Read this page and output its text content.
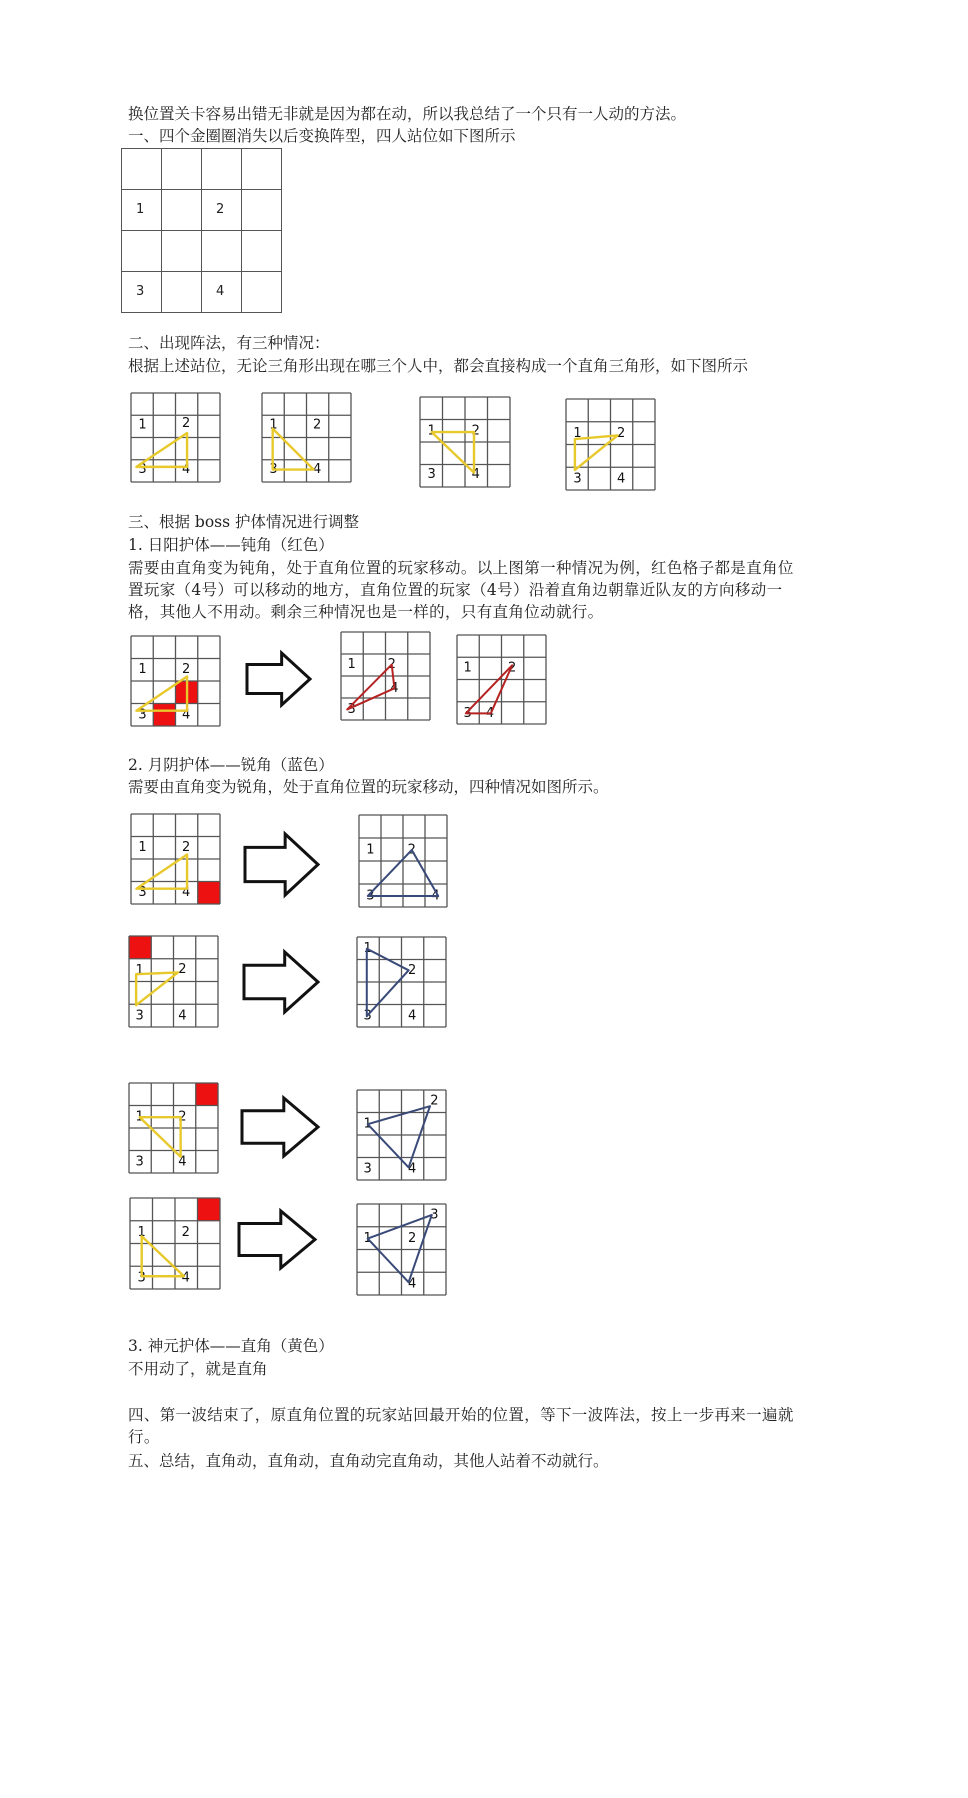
换位置关卡容易出错无非就是因为都在动，所以我总结了一个只有一人动的方法。

一、四个金圈圈消失以后变换阵型，四人站位如下图所示

1	2
3	4

二、出现阵法，有三种情况：

根据上述站位，无论三角形出现在哪三个人中，都会直接构成一个直角三角形，如下图所示

三、根据 boss 护体情况进行调整

1. 日阳护体——钝角（红色）

需要由直角变为钝角，处于直角位置的玩家移动。以上图第一种情况为例，红色格子都是直角位置玩家（4号）可以移动的地方，直角位置的玩家（4号）沿着直角边朝靠近队友的方向移动一格，其他人不用动。剩余三种情况也是一样的，只有直角位动就行。

2. 月阴护体——锐角（蓝色）

需要由直角变为锐角，处于直角位置的玩家移动，四种情况如图所示。

3. 神元护体——直角（黄色）

不用动了，就是直角

四、第一波结束了，原直角位置的玩家站回最开始的位置，等下一波阵法，按上一步再来一遍就行。

五、总结，直角动，直角动，直角动完直角动，其他人站着不动就行。

1	2
3	4
1	2
3	4
1	2
3	4
1	2
3	4
1	2
3	4
1 2
3
4
1	2
3 4
1	2
3	4
1	2
3	4
1	2
3	4
1
2
3	4
1	2
3	4
1
2
3	4
1	2
3	4
1	2
3
4
